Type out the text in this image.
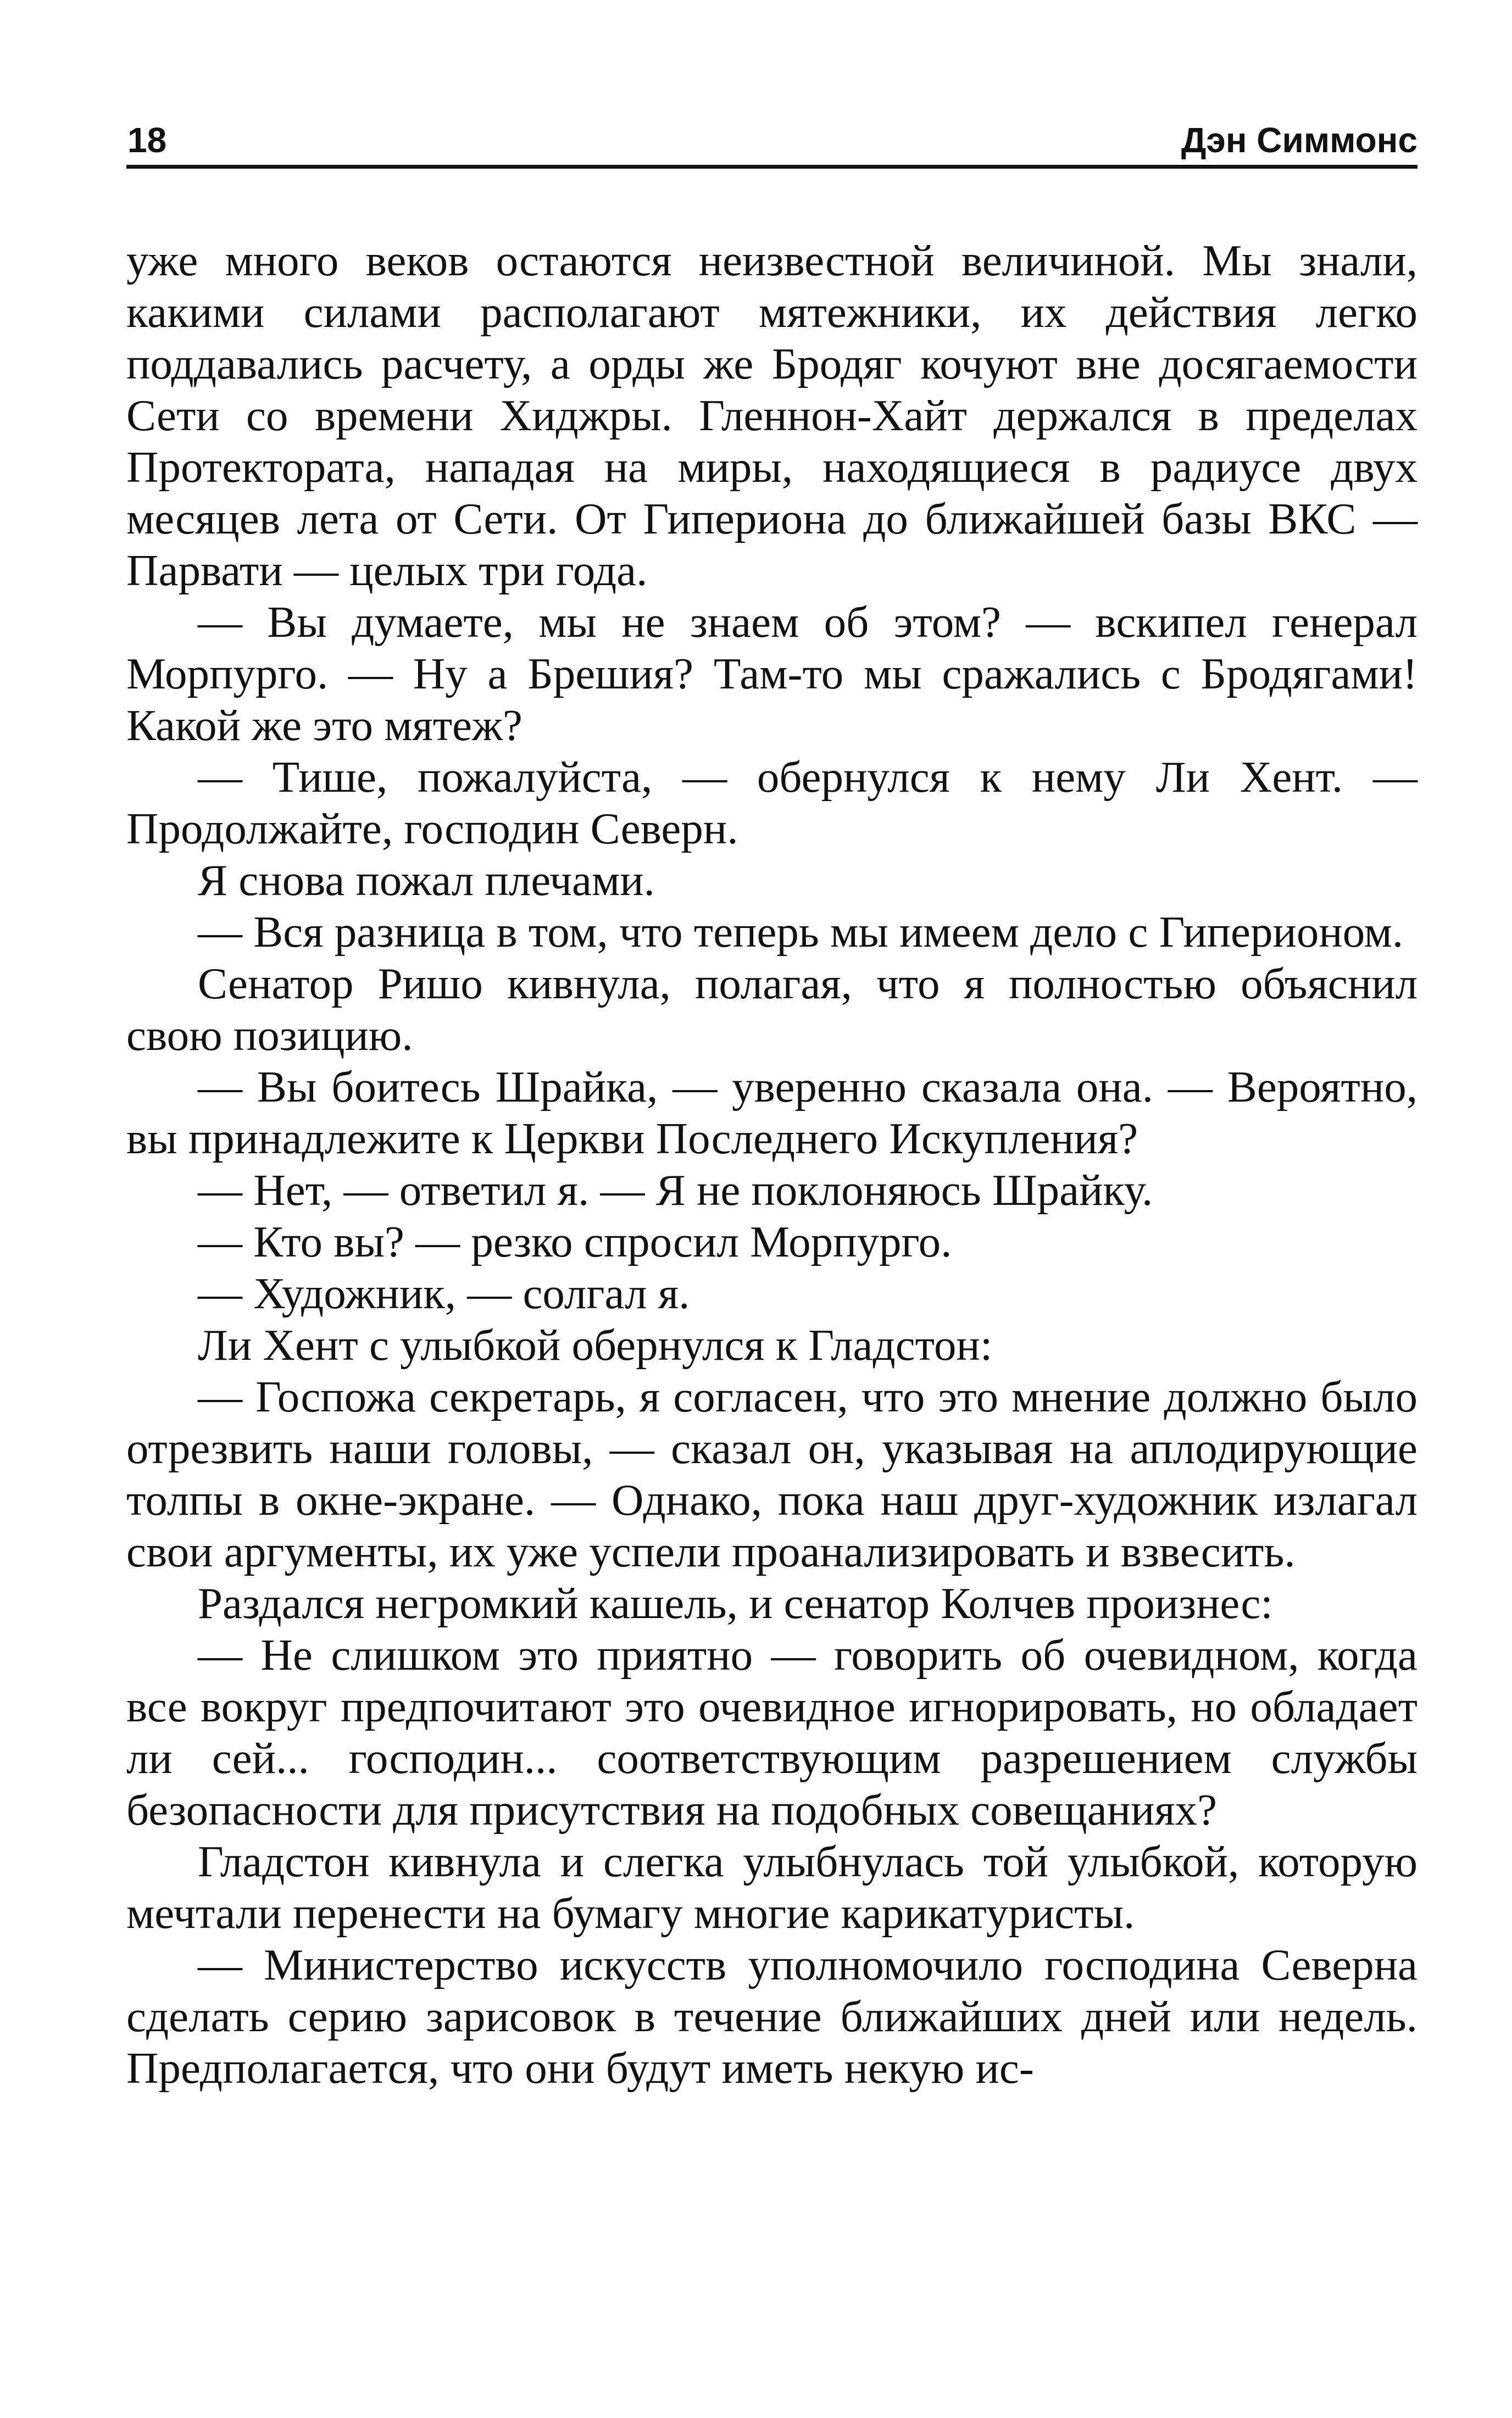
18	Дэн Симмонс

уже много веков остаются неизвестной величиной. Мы знали, какими силами располагают мятежники, их действия легко поддавались расчету, а орды же Бродяг кочуют вне досягаемости Сети со времени Хиджры. Гленнон-Хайт держался в пределах Протектората, нападая на миры, находящиеся в радиусе двух месяцев лета от Сети. От Гипериона до ближайшей базы ВКС — Парвати — целых три года.

— Вы думаете, мы не знаем об этом? — вскипел генерал Морпурго. — Ну а Брешия? Там-то мы сражались с Бродягами! Какой же это мятеж?

— Тише, пожалуйста, — обернулся к нему Ли Хент. — Продолжайте, господин Северн.

Я снова пожал плечами.

— Вся разница в том, что теперь мы имеем дело с Гиперионом.

Сенатор Ришо кивнула, полагая, что я полностью объяснил свою позицию.

— Вы боитесь Шрайка, — уверенно сказала она. — Вероятно, вы принадлежите к Церкви Последнего Искупления?

— Нет, — ответил я. — Я не поклоняюсь Шрайку.

— Кто вы? — резко спросил Морпурго.

— Художник, — солгал я.

Ли Хент с улыбкой обернулся к Гладстон:

— Госпожа секретарь, я согласен, что это мнение должно было отрезвить наши головы, — сказал он, указывая на аплодирующие толпы в окне-экране. — Однако, пока наш друг-художник излагал свои аргументы, их уже успели проанализировать и взвесить.

Раздался негромкий кашель, и сенатор Колчев произнес:

— Не слишком это приятно — говорить об очевидном, когда все вокруг предпочитают это очевидное игнорировать, но обладает ли сей... господин... соответствующим разрешением службы безопасности для присутствия на подобных совещаниях?

Гладстон кивнула и слегка улыбнулась той улыбкой, которую мечтали перенести на бумагу многие карикатуристы.

— Министерство искусств уполномочило господина Северна сделать серию зарисовок в течение ближайших дней или недель. Предполагается, что они будут иметь некую ис-
